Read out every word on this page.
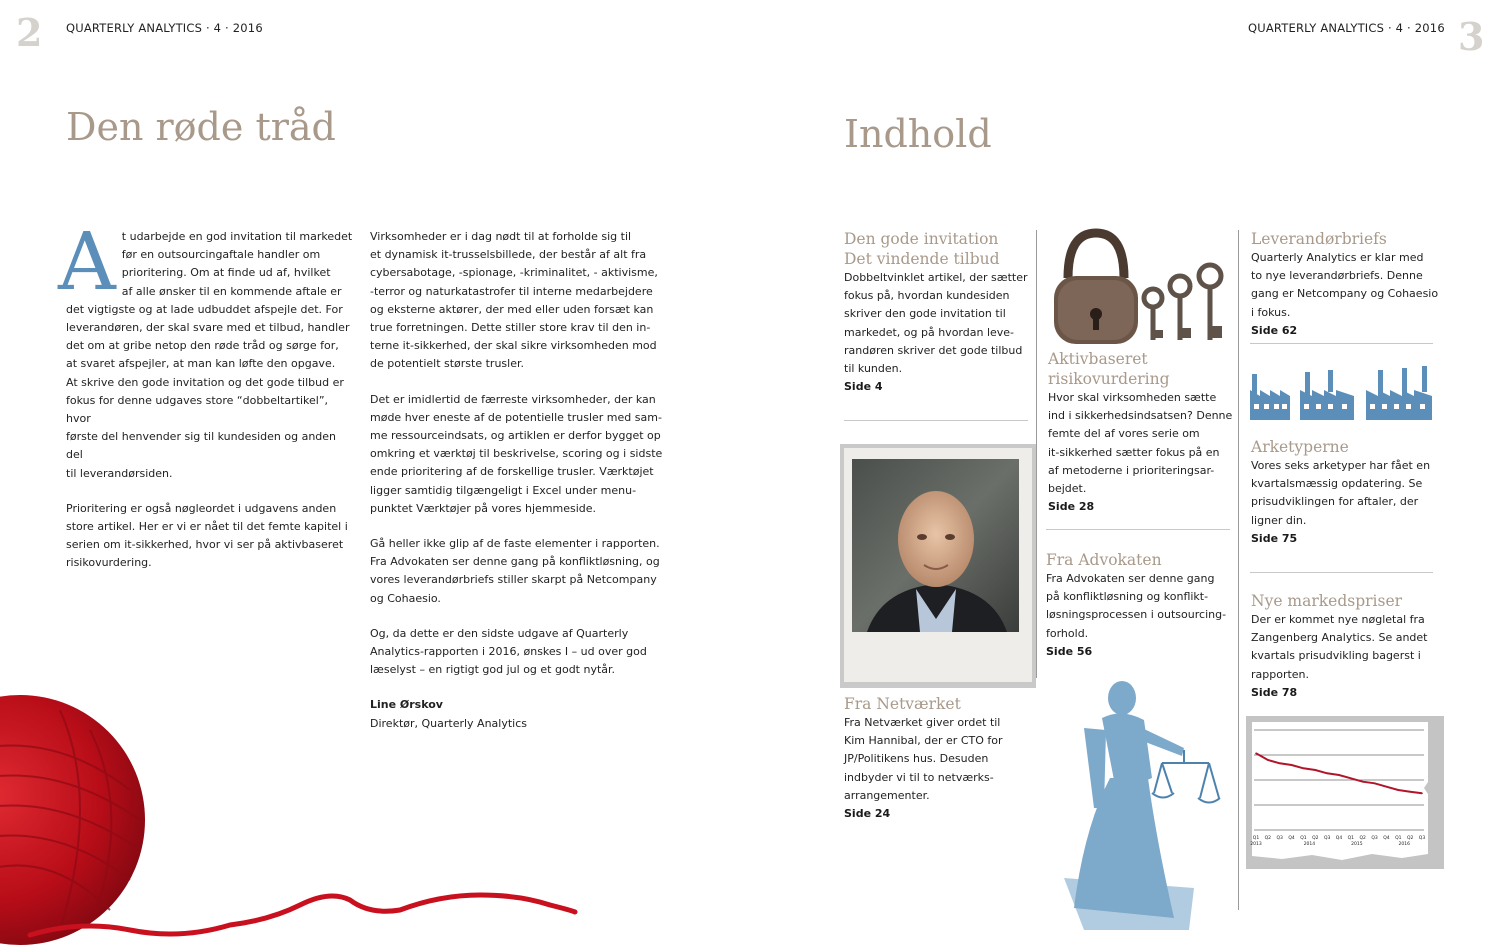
2 QUARTERLY ANALYTICS · 4 · 2016
Den røde tråd
A t udarbejde en god invitation til markedet
før en outsourcingaftale handler om
prioritering. Om at finde ud af, hvilket
af alle ønsker til en kommende aftale er
det vigtigste og at lade udbuddet afspejle det. For
leverandøren, der skal svare med et tilbud, handler
det om at gribe netop den røde tråd og sørge for,
at svaret afspejler, at man kan løfte den opgave.
At skrive den gode invitation og det gode tilbud er
fokus for denne udgaves store “dobbeltartikel”, hvor
første del henvender sig til kundesiden og anden del
til leverandørsiden.
Prioritering er også nøgleordet i udgavens anden
store artikel. Her er vi er nået til det femte kapitel i
serien om it-sikkerhed, hvor vi ser på aktivbaseret
risikovurdering.
Virksomheder er i dag nødt til at forholde sig til
et dynamisk it-trusselsbillede, der består af alt fra
cybersabotage, -spionage, -kriminalitet, - aktivisme,
-terror og naturkatastrofer til interne medarbejdere
og eksterne aktører, der med eller uden forsæt kan
true forretningen. Dette stiller store krav til den in-
terne it-sikkerhed, der skal sikre virksomheden mod
de potentielt største trusler.
Det er imidlertid de færreste virksomheder, der kan
møde hver eneste af de potentielle trusler med sam-
me ressourceindsats, og artiklen er derfor bygget op
omkring et værktøj til beskrivelse, scoring og i sidste
ende prioritering af de forskellige trusler. Værktøjet
ligger samtidig tilgængeligt i Excel under menu-
punktet Værktøjer på vores hjemmeside.
Gå heller ikke glip af de faste elementer i rapporten.
Fra Advokaten ser denne gang på konfliktløsning, og
vores leverandørbriefs stiller skarpt på Netcompany
og Cohaesio.
Og, da dette er den sidste udgave af Quarterly
Analytics-rapporten i 2016, ønskes I – ud over god
læselyst – en rigtigt god jul og et godt nytår.
Line Ørskov
Direktør, Quarterly Analytics
QUARTERLY ANALYTICS · 4 · 2016 3
Indhold
Den gode invitation
Det vindende tilbud
Dobbeltvinklet artikel, der sætter
fokus på, hvordan kundesiden
skriver den gode invitation til
markedet, og på hvordan leve-
randøren skriver det gode tilbud
til kunden.
Side 4
Fra Netværket
Fra Netværket giver ordet til
Kim Hannibal, der er CTO for
JP/Politikens hus. Desuden
indbyder vi til to netværks-
arrangementer.
Side 24
Aktivbaseret
risikovurdering
Hvor skal virksomheden sætte
ind i sikkerhedsindsatsen? Denne
femte del af vores serie om
it-sikkerhed sætter fokus på en
af metoderne i prioriteringsar-
bejdet.
Side 28
Fra Advokaten
Fra Advokaten ser denne gang
på konfliktløsning og konflikt-
løsningsprocessen i outsourcing-
forhold.
Side 56
Leverandørbriefs
Quarterly Analytics er klar med
to nye leverandørbriefs. Denne
gang er Netcompany og Cohaesio
i fokus.
Side 62
Arketyperne
Vores seks arketyper har fået en
kvartalsmæssig opdatering. Se
prisudviklingen for aftaler, der
ligner din.
Side 75
Nye markedspriser
Der er kommet nye nøgletal fra
Zangenberg Analytics. Se andet
kvartals prisudvikling bagerst i
rapporten.
Side 78
Q1 Q2 Q3 Q4 Q1 Q2 Q3 Q4 Q1 Q2 Q3 Q4 Q1 Q2 Q3
2013	2014	2015	2016
